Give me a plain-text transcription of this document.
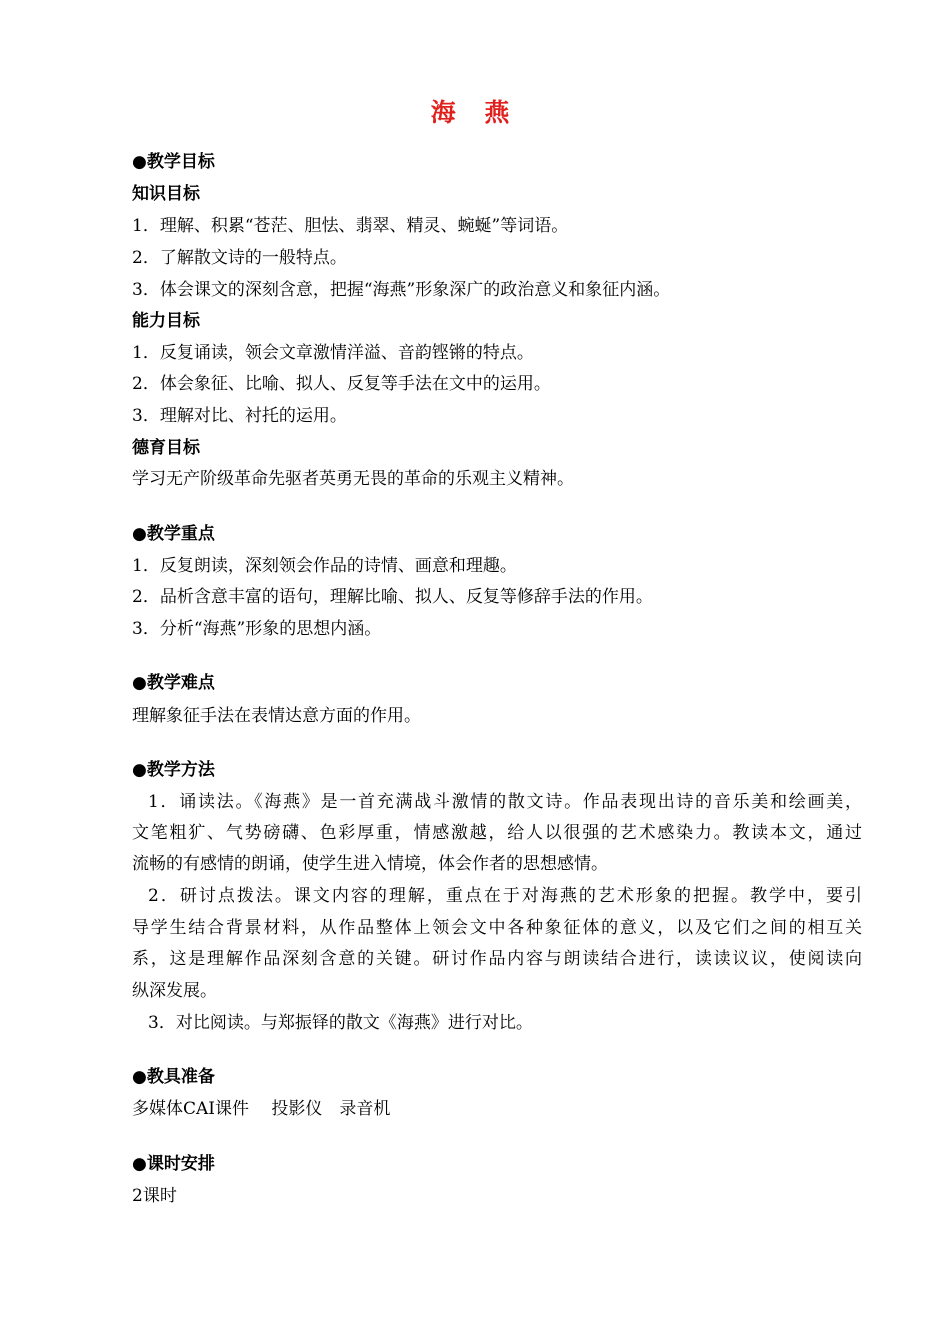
海 燕
●教学目标
知识目标
1．理解、积累“苍茫、胆怯、翡翠、精灵、蜿蜒”等词语。
2．了解散文诗的一般特点。
3．体会课文的深刻含意，把握“海燕”形象深广的政治意义和象征内涵。
能力目标
1．反复诵读，领会文章激情洋溢、音韵铿锵的特点。
2．体会象征、比喻、拟人、反复等手法在文中的运用。
3．理解对比、衬托的运用。
德育目标
学习无产阶级革命先驱者英勇无畏的革命的乐观主义精神。
●教学重点
1．反复朗读，深刻领会作品的诗情、画意和理趣。
2．品析含意丰富的语句，理解比喻、拟人、反复等修辞手法的作用。
3．分析“海燕”形象的思想内涵。
●教学难点
理解象征手法在表情达意方面的作用。
●教学方法
1．诵读法。《海燕》是一首充满战斗激情的散文诗。作品表现出诗的音乐美和绘画美，
文笔粗犷、气势磅礴、色彩厚重，情感激越，给人以很强的艺术感染力。教读本文，通过
流畅的有感情的朗诵，使学生进入情境，体会作者的思想感情。
2．研讨点拨法。课文内容的理解，重点在于对海燕的艺术形象的把握。教学中，要引
导学生结合背景材料，从作品整体上领会文中各种象征体的意义，以及它们之间的相互关
系，这是理解作品深刻含意的关键。研讨作品内容与朗读结合进行，读读议议，使阅读向
纵深发展。
3．对比阅读。与郑振铎的散文《海燕》进行对比。
●教具准备
多媒体CAI课件　 投影仪　录音机
●课时安排
2课时
